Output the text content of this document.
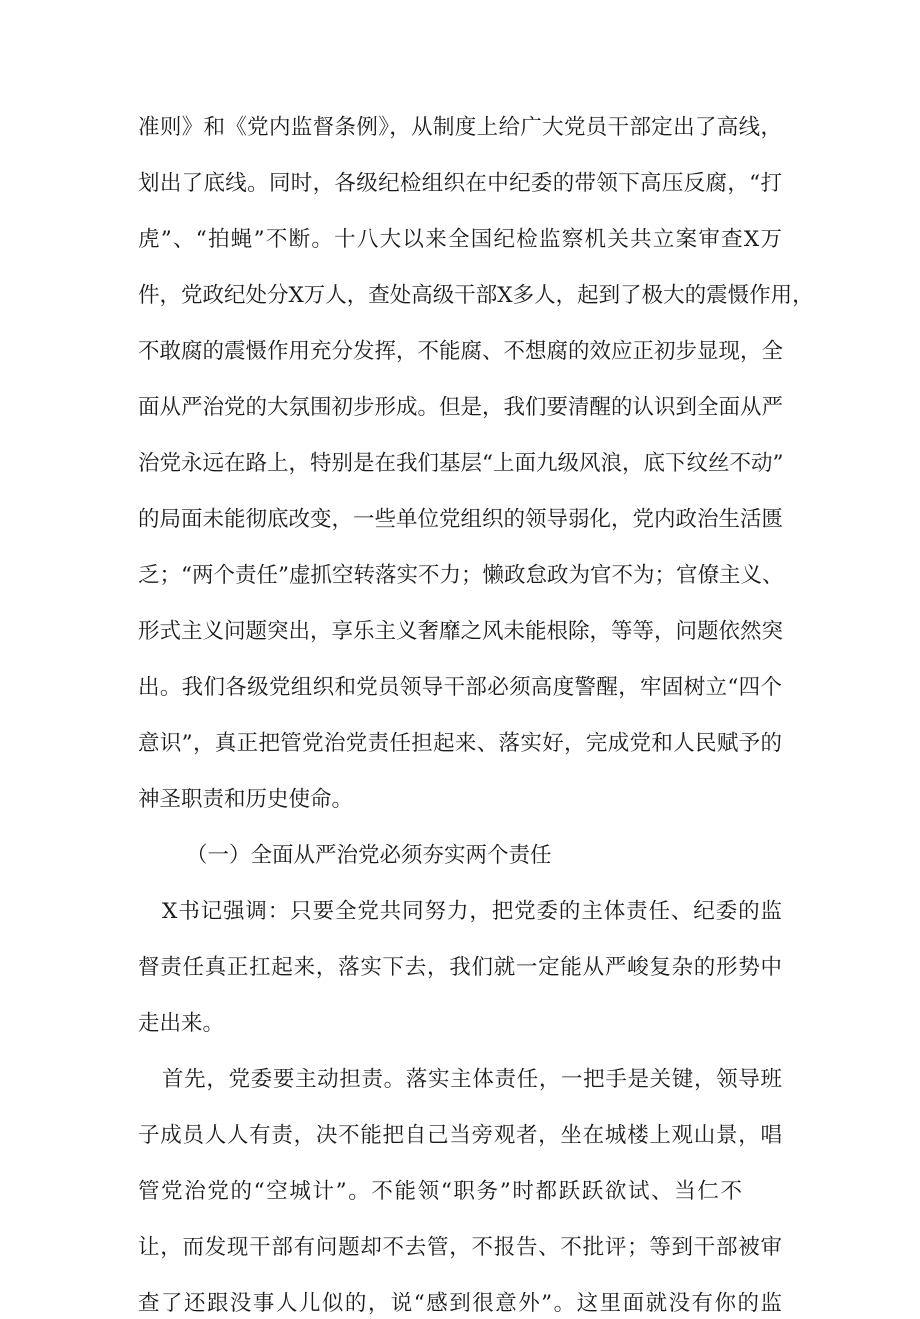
准则》和《党内监督条例》，从制度上给广大党员干部定出了高线，
划出了底线。同时，各级纪检组织在中纪委的带领下高压反腐，“打
虎”、“拍蝇”不断。十八大以来全国纪检监察机关共立案审查X万
件，党政纪处分X万人，查处高级干部X多人，起到了极大的震慑作用，
不敢腐的震慑作用充分发挥，不能腐、不想腐的效应正初步显现，全
面从严治党的大氛围初步形成。但是，我们要清醒的认识到全面从严
治党永远在路上，特别是在我们基层“上面九级风浪，底下纹丝不动”
的局面未能彻底改变，一些单位党组织的领导弱化，党内政治生活匮
乏；“两个责任”虚抓空转落实不力；懒政怠政为官不为；官僚主义、
形式主义问题突出，享乐主义奢靡之风未能根除，等等，问题依然突
出。我们各级党组织和党员领导干部必须高度警醒，牢固树立“四个
意识”，真正把管党治党责任担起来、落实好，完成党和人民赋予的
神圣职责和历史使命。
（一）全面从严治党必须夯实两个责任
X书记强调：只要全党共同努力，把党委的主体责任、纪委的监
督责任真正扛起来，落实下去，我们就一定能从严峻复杂的形势中
走出来。
首先，党委要主动担责。落实主体责任，一把手是关键，领导班
子成员人人有责，决不能把自己当旁观者，坐在城楼上观山景，唱
管党治党的“空城计”。不能领“职务”时都跃跃欲试、当仁不
让，而发现干部有问题却不去管，不报告、不批评；等到干部被审
查了还跟没事人儿似的，说“感到很意外”。这里面就没有你的监
